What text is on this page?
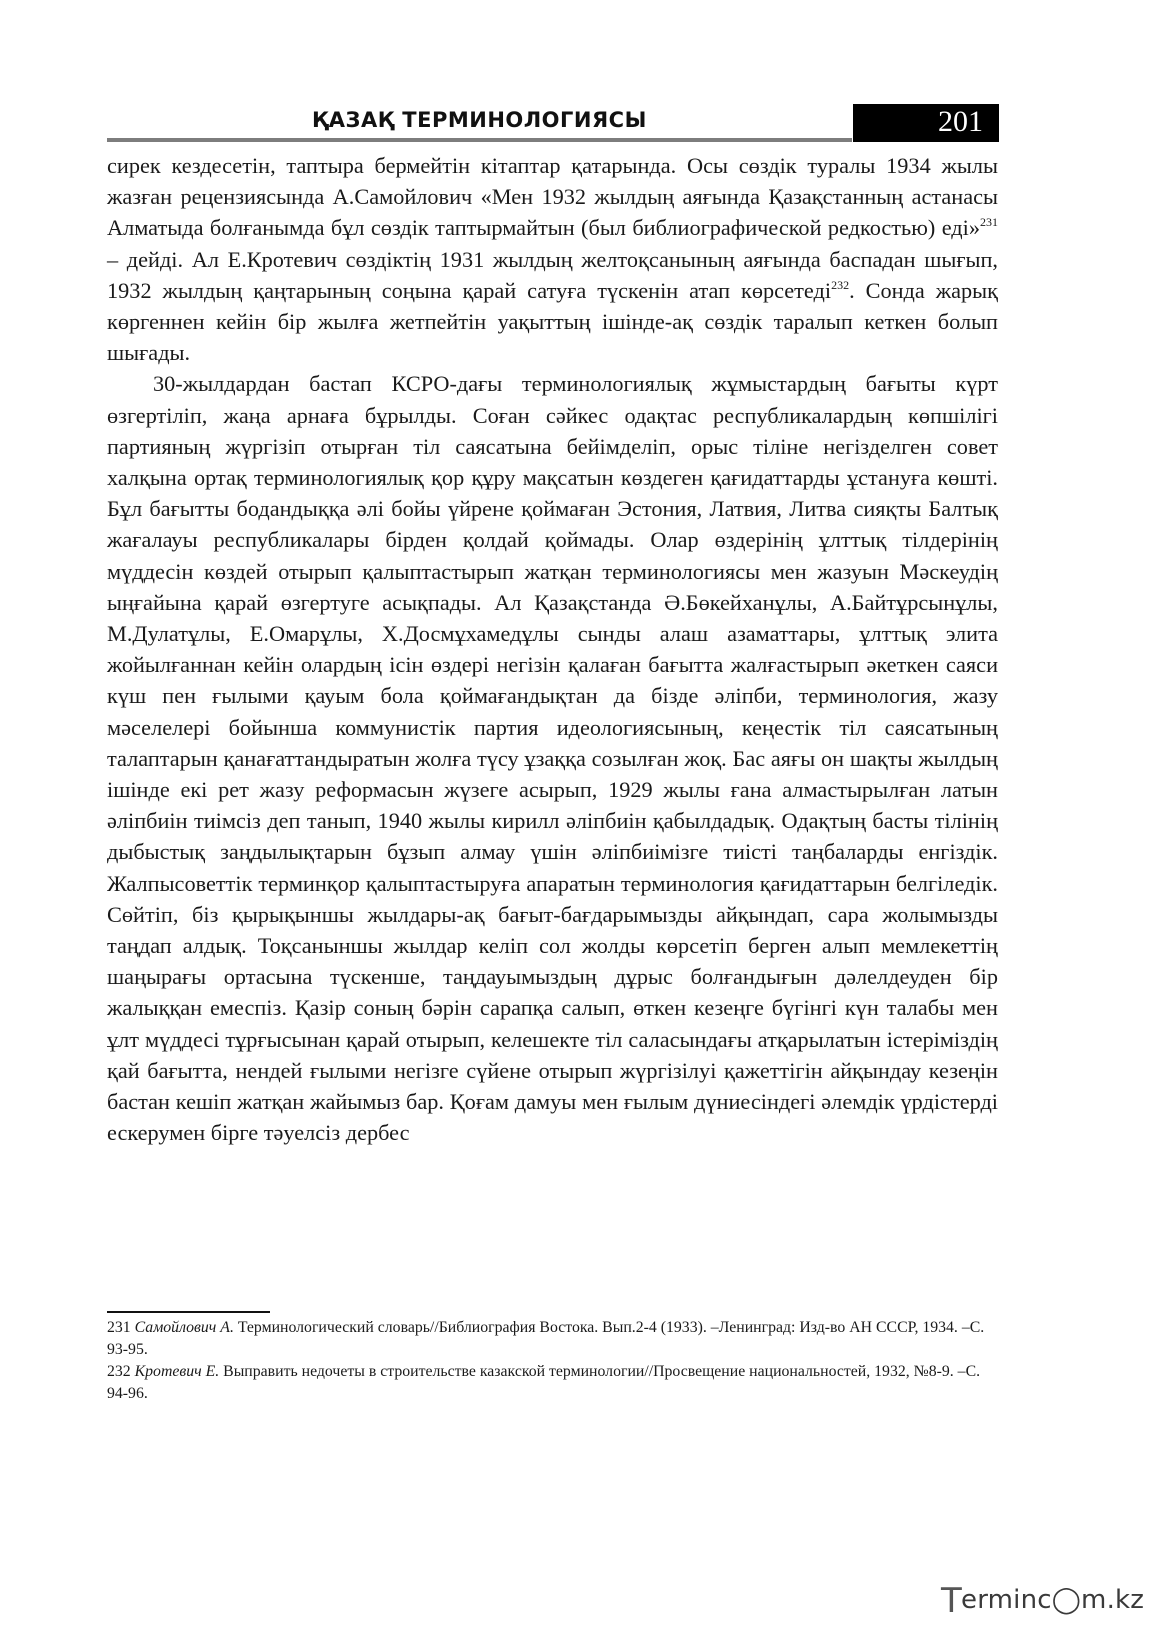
ҚАЗАҚ ТЕРМИНОЛОГИЯСЫ	201

сирек кездесетін, таптыра бермейтін кітаптар қатарында. Осы сөздік туралы 1934 жылы жазған рецензиясында А.Самойлович «Мен 1932 жылдың аяғында Қазақстанның астанасы Алматыда болғанымда бұл сөздік таптырмайтын (был библиографической редкостью) еді»$^{231}$ – дейді. Ал Е.Кротевич сөздіктің 1931 жылдың желтоқсанының аяғында баспадан шығып, 1932 жылдың қаңтарының соңына қарай сатуға түскенін атап көрсетеді$^{232}$. Сонда жарық көргеннен кейін бір жылға жетпейтін уақыттың ішінде-ақ сөздік таралып кеткен болып шығады.

30-жылдардан бастап КСРО-дағы терминологиялық жұмыстардың бағыты күрт өзгертіліп, жаңа арнаға бұрылды. Соған сәйкес одақтас республикалардың көпшілігі партияның жүргізіп отырған тіл саясатына бейімделіп, орыс тіліне негізделген совет халқына ортақ терминологиялық қор құру мақсатын көздеген қағидаттарды ұстануға көшті. Бұл бағытты бодандыққа әлі бойы үйрене қоймаған Эстония, Латвия, Литва сияқты Балтық жағалауы республикалары бірден қолдай қоймады. Олар өздерінің ұлттық тілдерінің мүддесін көздей отырып қалыптастырып жатқан терминологиясы мен жазуын Мәскеудің ыңғайына қарай өзгертуге асықпады. Ал Қазақстанда Ә.Бөкейханұлы, А.Байтұрсынұлы, М.Дулатұлы, Е.Омарұлы, Х.Досмұхамедұлы сынды алаш азаматтары, ұлттық элита жойылғаннан кейін олардың ісін өздері негізін қалаған бағытта жалғастырып әкеткен саяси күш пен ғылыми қауым бола қоймағандықтан да бізде әліпби, терминология, жазу мәселелері бойынша коммунистік партия идеологиясының, кеңестік тіл саясатының талаптарын қанағаттандыратын жолға түсу ұзаққа созылған жоқ. Бас аяғы он шақты жылдың ішінде екі рет жазу реформасын жүзеге асырып, 1929 жылы ғана алмастырылған латын әліпбиін тиімсіз деп танып, 1940 жылы кирилл әліпбиін қабылдадық. Одақтың басты тілінің дыбыстық заңдылықтарын бұзып алмау үшін әліпбиімізге тиісті таңбаларды енгіздік. Жалпысоветтік терминқор қалыптастыруға апаратын терминология қағидаттарын белгіледік. Сөйтіп, біз қырықыншы жылдары-ақ бағыт-бағдарымызды айқындап, сара жолымызды таңдап алдық. Тоқсаныншы жылдар келіп сол жолды көрсетіп берген алып мемлекеттің шаңырағы ортасына түскенше, таңдауымыздың дұрыс болғандығын дәлелдеуден бір жалыққан емеспіз. Қазір соның бәрін сарапқа салып, өткен кезеңге бүгінгі күн талабы мен ұлт мүддесі тұрғысынан қарай отырып, келешекте тіл саласындағы атқарылатын істеріміздің қай бағытта, нендей ғылыми негізге сүйене отырып жүргізілуі қажеттігін айқындау кезеңін бастан кешіп жатқан жайымыз бар. Қоғам дамуы мен ғылым дүниесіндегі әлемдік үрдістерді ескерумен бірге тәуелсіз дербес

231 Самойлович А. Терминологический словарь//Библиография Востока. Вып.2-4 (1933). –Ленинград: Изд-во АН СССР, 1934. –С. 93-95.

232 Кротевич Е. Выправить недочеты в строительстве казакской терминологии//Просвещение национальностей, 1932, №8-9. –С. 94-96.

T erminc◯m.kz
